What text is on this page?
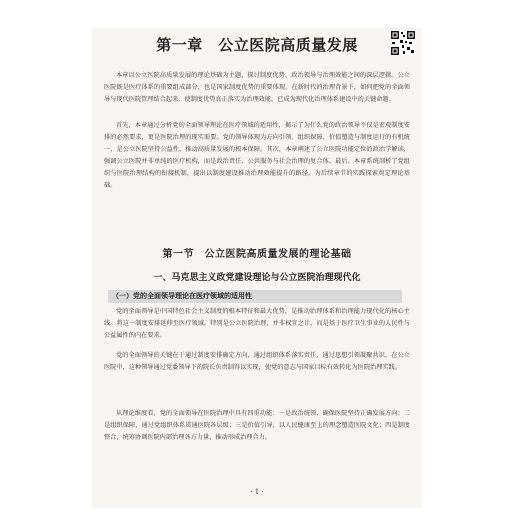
第一章　公立医院高质量发展

本章以公立医院高质量发展的理论基础为主题，探讨制度优势、政治领导与治理效能之间的深层逻辑。公立医院既是医疗体系的重要组成部分，也是国家制度优势的重要体现。在新时代的治理背景下，如何把党的全面领导与现代医院管理结合起来，使制度优势真正落实为治理效能，已成为现代化治理体系建设中的关键命题。

首先，本章通过分析党的全面领导理论在医疗领域的适用性，揭示了为什么党的政治领导不仅是宏观制度安排的必然要求，更是医院治理的现实需要。党的领导体现为方向引领、组织保障、价值塑造与制度运行的有机统一，是公立医院坚持公益性、推动高质量发展的根本保障。其次，本章阐述了公立医院功能定位的政治学解读，强调公立医院并非单纯的医疗机构，而是政治责任、公共服务与社会治理的复合体。最后，本章系统剖析了党组织与医院治理结构的衔接机制，提出以制度建设推动治理效能提升的路径，为后续章节的实践探索奠定理论基础。

第一节　公立医院高质量发展的理论基础
一、马克思主义政党建设理论与公立医院治理现代化
（一）党的全面领导理论在医疗领域的适用性

党的全面领导是中国特色社会主义制度的根本特征和最大优势，是推动治理体系和治理能力现代化的核心主线。将这一制度安排延伸至医疗领域，特别是公立医院治理，并非权宜之计，而是基于医疗卫生事业的人民性与公益属性的内在要求。

党的全面领导的关键在于通过制度安排确定方向，通过组织体系落实责任，通过思想引领凝聚共识。在公立医院中，这种领导通过党委领导下的院长负责制得以实现，使党的意志与国家目标有效转化为医院治理实践。

从理论维度看，党的全面领导在医院治理中具有四重功能：一是政治统领，确保医院坚持正确发展方向；二是组织保障，通过党组织体系贯通医院各层级；三是价值引导，以人民健康至上的理念塑造医院文化；四是制度整合，统筹协调医院内部治理各方力量，推动形成治理合力。

· 1 ·
